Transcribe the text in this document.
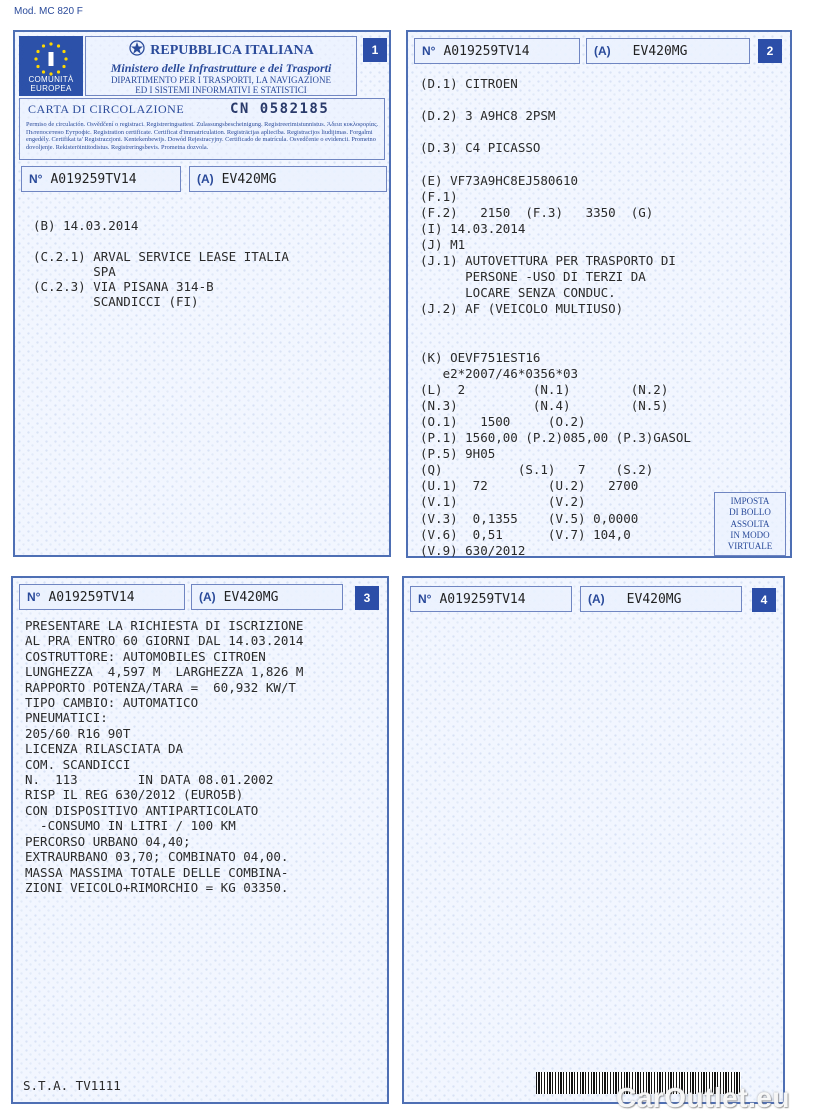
Mod. MC 820 F
COMUNITÀ EUROPEA
REPUBBLICA ITALIANA
Ministero delle Infrastrutture e dei Trasporti
DIPARTIMENTO PER I TRASPORTI, LA NAVIGAZIONE
ED I SISTEMI INFORMATIVI E STATISTICI
1
CARTA DI CIRCOLAZIONE	CN 0582185
Permiso de circulación. Osvědčení o registraci. Registreringsattest. Zulassungsbescheinigung. Registreerimistunnistus. Άδεια κυκλοφορίας. Пътепосетено Еутрофіс. Registration certificate. Certificat d'immatriculation. Registrācijas apliecība. Registracijos liudijimas. Forgalmi engedély. Certifikat ta' Registrazzjoni. Kentekenbewijs. Dowód Rejestracyjny. Certificado de matrícula. Osvedčenie o evidencii. Prometno dovoljenje. Rekisteröintitodistus. Registreringsbevis. Prometna dozvola.
N° A019259TV14	(A) EV420MG
(B) 14.03.2014

(C.2.1) ARVAL SERVICE LEASE ITALIA
SPA
(C.2.3) VIA PISANA 314-B
SCANDICCI (FI)
N° A019259TV14	(A) EV420MG	2
(D.1) CITROEN

(D.2) 3 A9HC8 2PSM

(D.3) C4 PICASSO

(E) VF73A9HC8EJ580610
(F.1)
(F.2)   2150  (F.3)   3350  (G)
(I) 14.03.2014
(J) M1
(J.1) AUTOVETTURA PER TRASPORTO DI
PERSONE -USO DI TERZI DA
LOCARE SENZA CONDUC.
(J.2) AF (VEICOLO MULTIUSO)

(K) OEVF751EST16
e2*2007/46*0356*03
(L)  2         (N.1)        (N.2)
(N.3)          (N.4)        (N.5)
(O.1)   1500     (O.2)
(P.1) 1560,00 (P.2)085,00 (P.3)GASOL
(P.5) 9H05
(Q)          (S.1)   7    (S.2)
(U.1)  72        (U.2)   2700
(V.1)            (V.2)
(V.3)  0,1355    (V.5) 0,0000
(V.6)  0,51      (V.7) 104,0
(V.9) 630/2012
IMPOSTA
DI BOLLO
ASSOLTA
IN MODO
VIRTUALE
N° A019259TV14	(A) EV420MG	3
PRESENTARE LA RICHIESTA DI ISCRIZIONE
AL PRA ENTRO 60 GIORNI DAL 14.03.2014
COSTRUTTORE: AUTOMOBILES CITROEN
LUNGHEZZA  4,597 M  LARGHEZZA 1,826 M
RAPPORTO POTENZA/TARA =  60,932 KW/T
TIPO CAMBIO: AUTOMATICO
PNEUMATICI:
205/60 R16 90T
LICENZA RILASCIATA DA
COM. SCANDICCI
N.  113        IN DATA 08.01.2002
RISP IL REG 630/2012 (EURO5B)
CON DISPOSITIVO ANTIPARTICOLATO
-CONSUMO IN LITRI / 100 KM
PERCORSO URBANO 04,40;
EXTRAURBANO 03,70; COMBINATO 04,00.
MASSA MASSIMA TOTALE DELLE COMBINA-
ZIONI VEICOLO+RIMORCHIO = KG 03350.
S.T.A. TV1111
N° A019259TV14	(A) EV420MG	4
CarOutlet.eu
